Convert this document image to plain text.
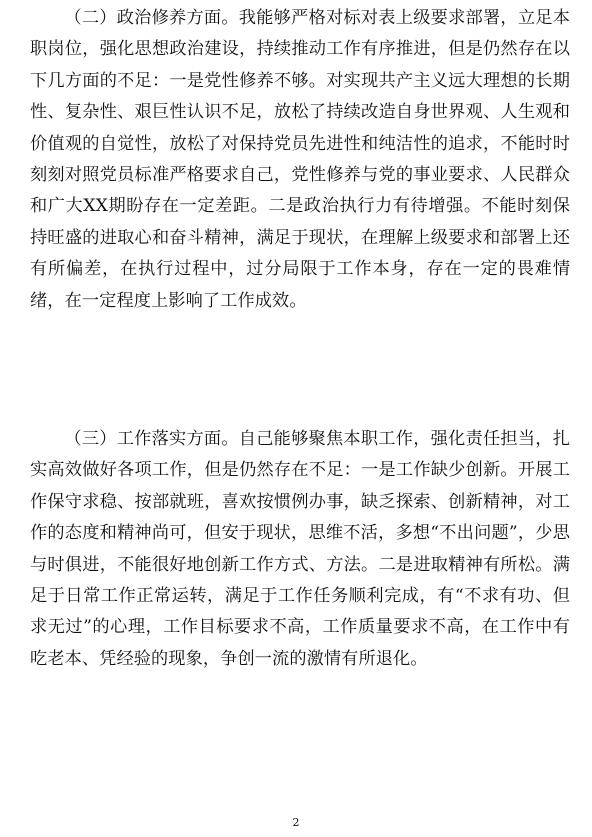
（二）政治修养方面。我能够严格对标对表上级要求部署，立足本职岗位，强化思想政治建设，持续推动工作有序推进，但是仍然存在以下几方面的不足：一是党性修养不够。对实现共产主义远大理想的长期性、复杂性、艰巨性认识不足，放松了持续改造自身世界观、人生观和价值观的自觉性，放松了对保持党员先进性和纯洁性的追求，不能时时刻刻对照党员标准严格要求自己，党性修养与党的事业要求、人民群众和广大XX期盼存在一定差距。二是政治执行力有待增强。不能时刻保持旺盛的进取心和奋斗精神，满足于现状，在理解上级要求和部署上还有所偏差，在执行过程中，过分局限于工作本身，存在一定的畏难情绪，在一定程度上影响了工作成效。

（三）工作落实方面。自己能够聚焦本职工作，强化责任担当，扎实高效做好各项工作，但是仍然存在不足：一是工作缺少创新。开展工作保守求稳、按部就班，喜欢按惯例办事，缺乏探索、创新精神，对工作的态度和精神尚可，但安于现状，思维不活，多想“不出问题”，少思与时俱进，不能很好地创新工作方式、方法。二是进取精神有所松。满足于日常工作正常运转，满足于工作任务顺利完成，有“不求有功、但求无过”的心理，工作目标要求不高，工作质量要求不高，在工作中有吃老本、凭经验的现象，争创一流的激情有所退化。

2
